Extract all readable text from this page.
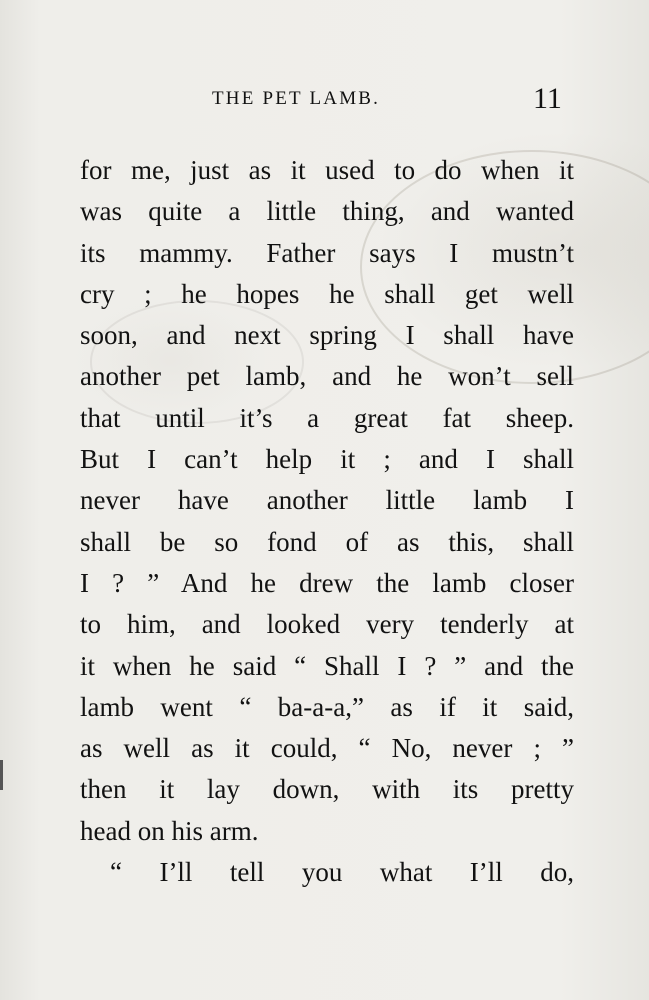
THE PET LAMB.	11
for me, just as it used to do when it
was quite a little thing, and wanted
its mammy. Father says I mustn’t
cry ; he hopes he shall get well
soon, and next spring I shall have
another pet lamb, and he won’t sell
that until it’s a great fat sheep.
But I can’t help it ; and I shall
never have another little lamb I
shall be so fond of as this, shall
I ? ” And he drew the lamb closer
to him, and looked very tenderly at
it when he said “ Shall I ? ” and the
lamb went “ ba-a-a,” as if it said,
as well as it could, “ No, never ; ”
then it lay down, with its pretty
head on his arm.
“ I’ll tell you what I’ll do,
